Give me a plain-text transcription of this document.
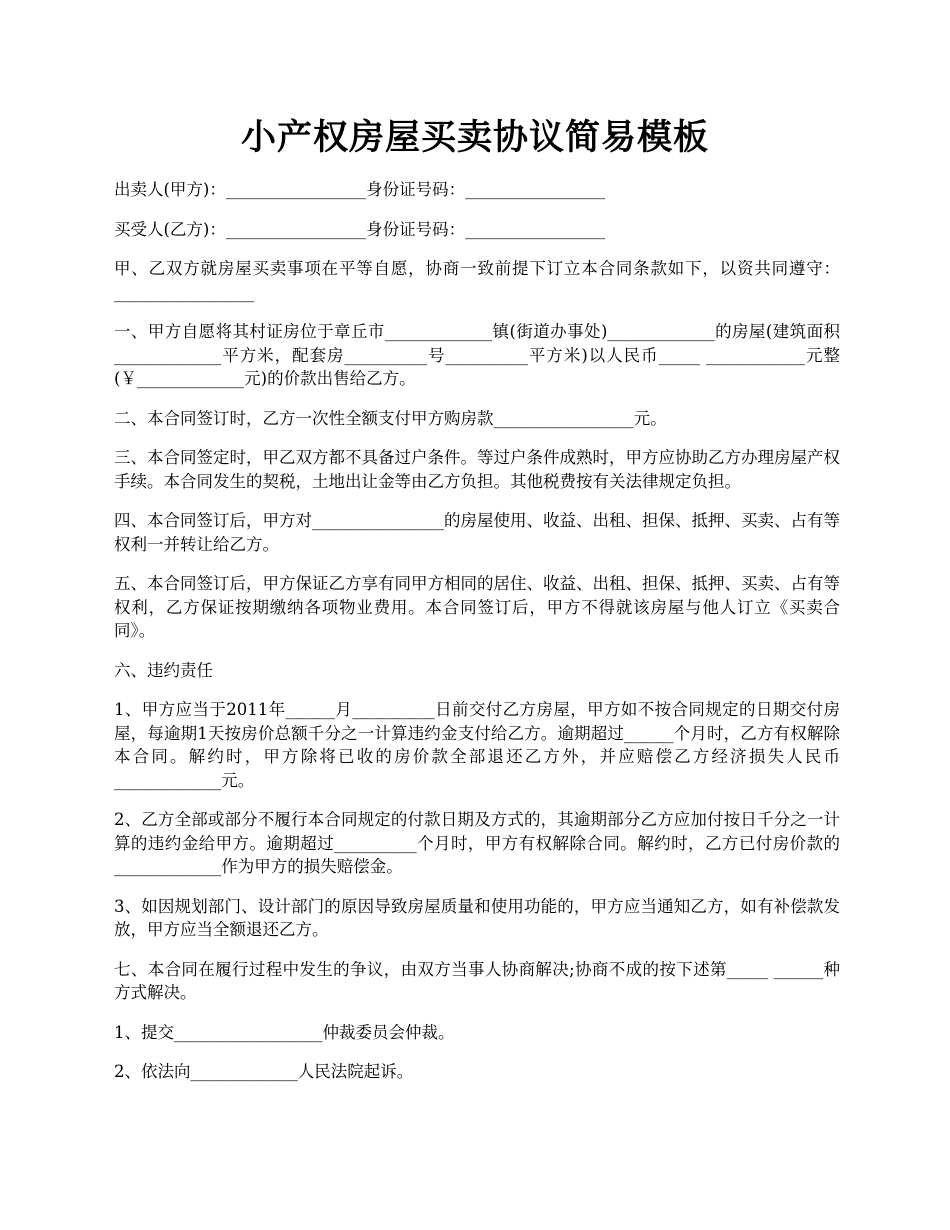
小产权房屋买卖协议简易模板

出卖人(甲方)：_________________身份证号码：_________________

买受人(乙方)：_________________身份证号码：_________________

甲、乙双方就房屋买卖事项在平等自愿，协商一致前提下订立本合同条款如下，以资共同遵守：_________________

一、甲方自愿将其村证房位于章丘市_____________镇(街道办事处)_____________的房屋(建筑面积_____________平方米，配套房__________号__________平方米)以人民币_____ ____________元整(￥_____________元)的价款出售给乙方。

二、本合同签订时，乙方一次性全额支付甲方购房款_________________元。

三、本合同签定时，甲乙双方都不具备过户条件。等过户条件成熟时，甲方应协助乙方办理房屋产权手续。本合同发生的契税，土地出让金等由乙方负担。其他税费按有关法律规定负担。

四、本合同签订后，甲方对________________的房屋使用、收益、出租、担保、抵押、买卖、占有等权利一并转让给乙方。

五、本合同签订后，甲方保证乙方享有同甲方相同的居住、收益、出租、担保、抵押、买卖、占有等权利，乙方保证按期缴纳各项物业费用。本合同签订后，甲方不得就该房屋与他人订立《买卖合同》。

六、违约责任

1、甲方应当于2011年______月__________日前交付乙方房屋，甲方如不按合同规定的日期交付房屋，每逾期1天按房价总额千分之一计算违约金支付给乙方。逾期超过______个月时，乙方有权解除本合同。解约时，甲方除将已收的房价款全部退还乙方外，并应赔偿乙方经济损失人民币_____________元。

2、乙方全部或部分不履行本合同规定的付款日期及方式的，其逾期部分乙方应加付按日千分之一计算的违约金给甲方。逾期超过__________个月时，甲方有权解除合同。解约时，乙方已付房价款的_____________作为甲方的损失赔偿金。

3、如因规划部门、设计部门的原因导致房屋质量和使用功能的，甲方应当通知乙方，如有补偿款发放，甲方应当全额退还乙方。

七、本合同在履行过程中发生的争议，由双方当事人协商解决;协商不成的按下述第_____ ______种方式解决。

1、提交__________________仲裁委员会仲裁。

2、依法向_____________人民法院起诉。
